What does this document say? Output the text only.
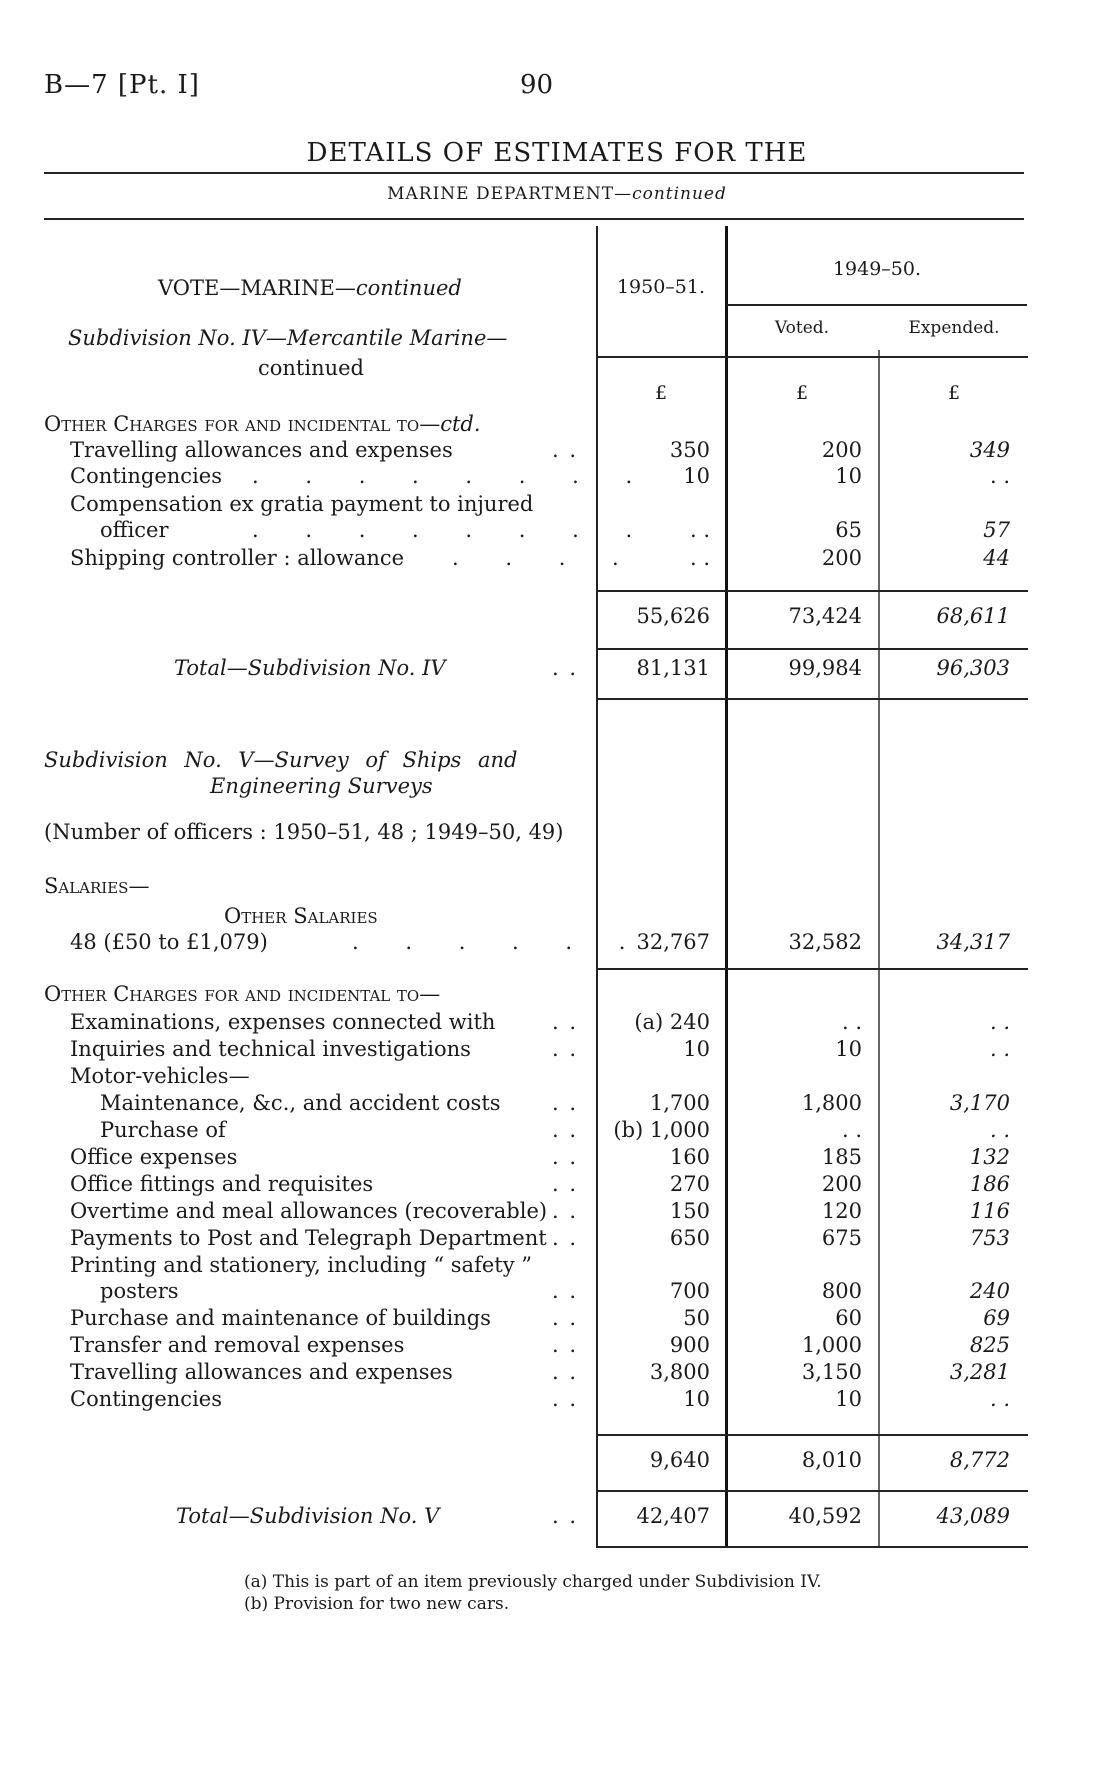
B—7 [Pt. I]	90
DETAILS OF ESTIMATES FOR THE
MARINE DEPARTMENT—continued
1950–51.
1949–50.
Voted.	Expended.
£	£	£
VOTE—MARINE—continued
Subdivision No. IV—Mercantile Marine—
continued
Other Charges for and incidental to—ctd.
Travelling allowances and expenses	. .	350	200	349
Contingencies . . . . . . . . 10	10	. .
Compensation ex gratia payment to injured
officer	. . . . . . . .	. .	65	57
Shipping controller : allowance . . . .	. .	200	44
55,626	73,424	68,611
Total—Subdivision No. IV	. .	81,131	99,984	96,303
Subdivision No. V—Survey of Ships and
Engineering Surveys
(Number of officers : 1950–51, 48 ; 1949–50, 49)
Salaries—
Other Salaries
48 (£50 to £1,079)	. . . . . . 32,767	32,582	34,317
Other Charges for and incidental to—
Examinations, expenses connected with	. .	(a) 240	. .	. .
Inquiries and technical investigations	. .	10	10	. .
Motor-vehicles—
Maintenance, &c., and accident costs . .	1,700	1,800	3,170
Purchase of	. . (b) 1,000	. .	. .
Office expenses	. .	160	185	132
Office fittings and requisites	. .	270	200	186
Overtime and meal allowances (recoverable) . .	150	120	116
Payments to Post and Telegraph Department . .	650	675	753
Printing and stationery, including “ safety ”
posters	. .	700	800	240
Purchase and maintenance of buildings	. .	50	60	69
Transfer and removal expenses	. .	900	1,000	825
Travelling allowances and expenses	. .	3,800	3,150	3,281
Contingencies	. .	10	10	. .
9,640	8,010	8,772
Total—Subdivision No. V	. .	42,407	40,592	43,089
(a) This is part of an item previously charged under Subdivision IV.
(b) Provision for two new cars.
